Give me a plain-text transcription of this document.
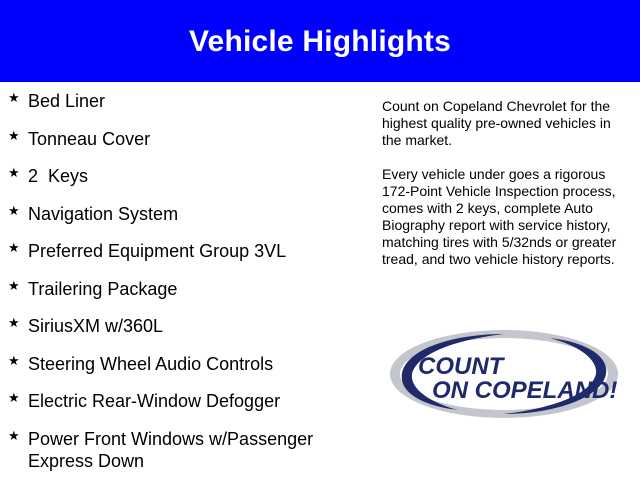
Vehicle Highlights
★ Bed Liner
★ Tonneau Cover
★ 2  Keys
★ Navigation System
★ Preferred Equipment Group 3VL
★ Trailering Package
★ SiriusXM w/360L
★ Steering Wheel Audio Controls
★ Electric Rear-Window Defogger
★ Power Front Windows w/Passenger Express Down

Count on Copeland Chevrolet for the highest quality pre-owned vehicles in the market.

Every vehicle under goes a rigorous 172-Point Vehicle Inspection process, comes with 2 keys, complete Auto Biography report with service history, matching tires with 5/32nds or greater tread, and two vehicle history reports.

COUNT
ON COPELAND!
